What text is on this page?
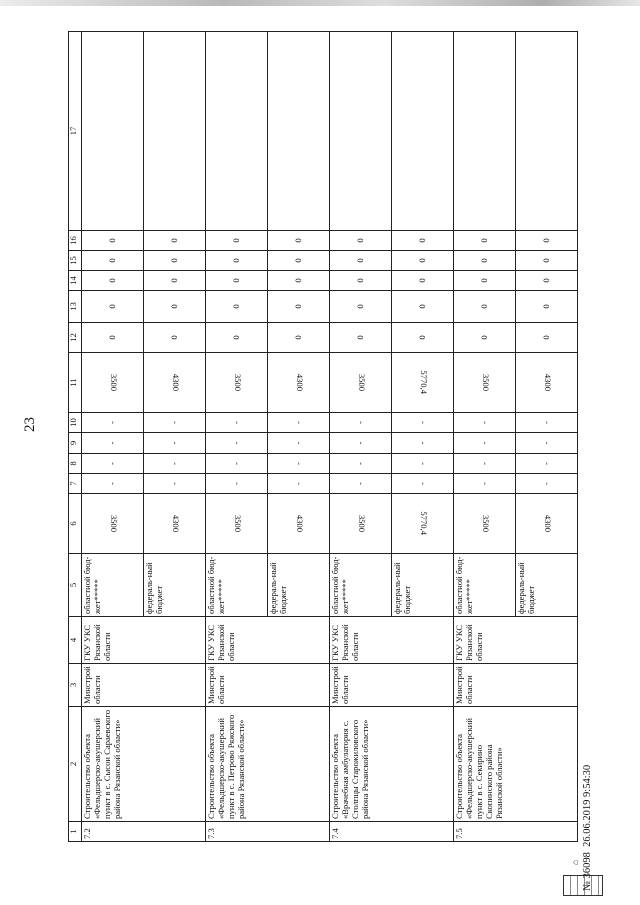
23
1	2	3	4	5	6	7	8	9	10	11	12	13	14	15	16	17
7.2	Строительство объекта «Фельдшерско-акушерский пункт в с. Сысои Сараевского района Рязанской области»	Минстрой области	ГКУ УКС Рязанской области	областной бюд-жет*****	3500	-	-	-	-	3500	0	0	0	0	0	
				федераль-ный бюджет	4300	-	-	-	-	4300	0	0	0	0	0	
7.3	Строительство объекта «Фельдшерско-акушерский пункт в с. Петрово Ряжского района Рязанской области»	Минстрой области	ГКУ УКС Рязанской области	областной бюд-жет*****	3500	-	-	-	-	3500	0	0	0	0	0	
				федераль-ный бюджет	4300	-	-	-	-	4300	0	0	0	0	0	
7.4	Строительство объекта «Врачебная амбулатория с. Столпцы Старожиловского района Рязанской области»	Минстрой области	ГКУ УКС Рязанской области	областной бюд-жет*****	3500	-	-	-	-	3500	0	0	0	0	0	
				федераль-ный бюджет	5770,4	-	-	-	-	5770,4	0	0	0	0	0	
7.5	Строительство объекта «Фельдшерско-акушерский пункт в с. Секирино Скопинского района Рязанской области»	Минстрой области	ГКУ УКС Рязанской области	областной бюд-жет*****	3500	-	-	-	-	3500	0	0	0	0	0	
				федераль-ный бюджет	4300	-	-	-	-	4300	0	0	0	0	0	
⌂ № 36098  26.06.2019 9:54:30
